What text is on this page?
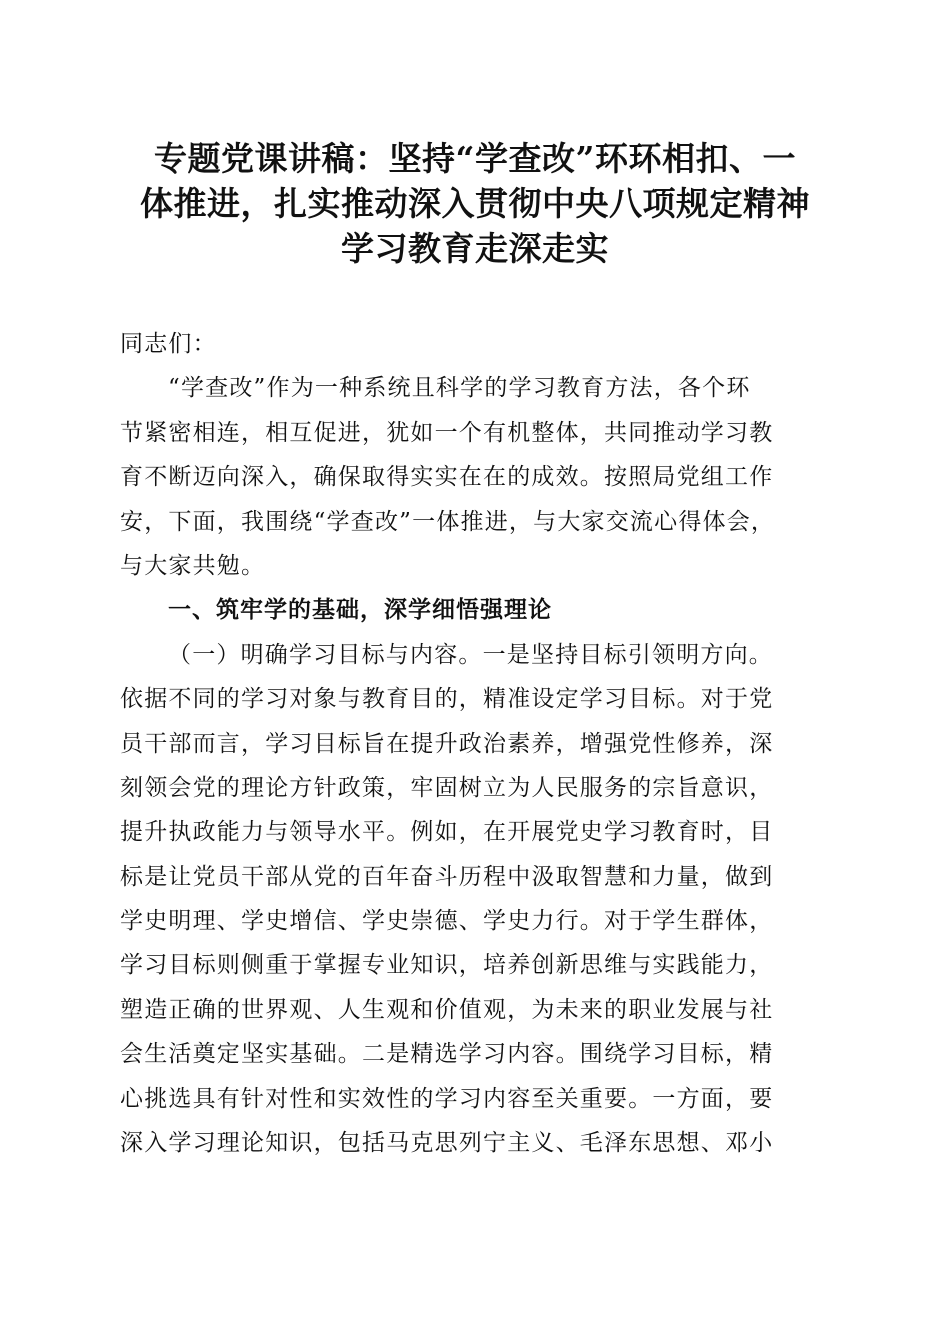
专题党课讲稿：坚持“学查改”环环相扣、一
体推进，扎实推动深入贯彻中央八项规定精神
学习教育走深走实
同志们：
“学查改”作为一种系统且科学的学习教育方法，各个环
节紧密相连，相互促进，犹如一个有机整体，共同推动学习教
育不断迈向深入，确保取得实实在在的成效。按照局党组工作
安，下面，我围绕“学查改”一体推进，与大家交流心得体会，
与大家共勉。
一、筑牢学的基础，深学细悟强理论
（一）明确学习目标与内容。一是坚持目标引领明方向。
依据不同的学习对象与教育目的，精准设定学习目标。对于党
员干部而言，学习目标旨在提升政治素养，增强党性修养，深
刻领会党的理论方针政策，牢固树立为人民服务的宗旨意识，
提升执政能力与领导水平。例如，在开展党史学习教育时，目
标是让党员干部从党的百年奋斗历程中汲取智慧和力量，做到
学史明理、学史增信、学史崇德、学史力行。对于学生群体，
学习目标则侧重于掌握专业知识，培养创新思维与实践能力，
塑造正确的世界观、人生观和价值观，为未来的职业发展与社
会生活奠定坚实基础。二是精选学习内容。围绕学习目标，精
心挑选具有针对性和实效性的学习内容至关重要。一方面，要
深入学习理论知识，包括马克思列宁主义、毛泽东思想、邓小
